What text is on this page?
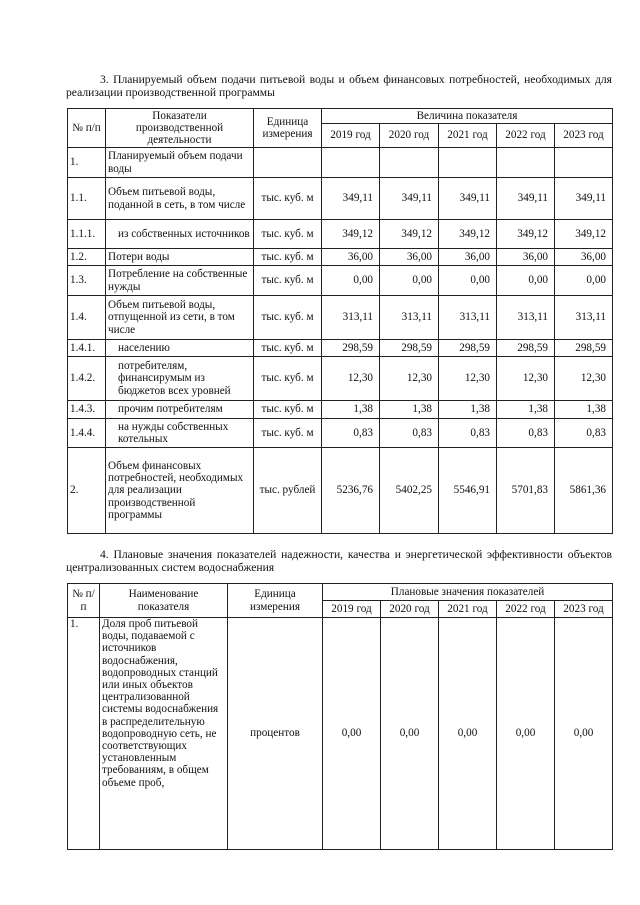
3. Планируемый объем подачи питьевой воды и объем финансовых потребностей, необходимых для реализации производственной программы
№ п/п	Показатели производственной деятельности	Единица измерения	Величина показателя				
			2019 год	2020 год	2021 год	2022 год	2023 год
1.	Планируемый объем подачи воды						
1.1.	Объем питьевой воды, поданной в сеть, в том числе	тыс. куб. м	349,11	349,11	349,11	349,11	349,11
1.1.1.	из собственных источников	тыс. куб. м	349,12	349,12	349,12	349,12	349,12
1.2.	Потери воды	тыс. куб. м	36,00	36,00	36,00	36,00	36,00
1.3.	Потребление на собственные нужды	тыс. куб. м	0,00	0,00	0,00	0,00	0,00
1.4.	Объем питьевой воды, отпущенной из сети, в том числе	тыс. куб. м	313,11	313,11	313,11	313,11	313,11
1.4.1.	населению	тыс. куб. м	298,59	298,59	298,59	298,59	298,59
1.4.2.	потребителям, финансирумым из бюджетов всех уровней	тыс. куб. м	12,30	12,30	12,30	12,30	12,30
1.4.3.	прочим потребителям	тыс. куб. м	1,38	1,38	1,38	1,38	1,38
1.4.4.	на нужды собственных котельных	тыс. куб. м	0,83	0,83	0,83	0,83	0,83
2.	Объем финансовых потребностей, необходимых для реализации производственной программы	тыс. рублей	5236,76	5402,25	5546,91	5701,83	5861,36
4. Плановые значения показателей надежности, качества и энергетической эффективности объектов централизованных систем водоснабжения
№ п/п	Наименование показателя	Единица измерения	Плановые значения показателей				
			2019 год	2020 год	2021 год	2022 год	2023 год
1.	Доля проб питьевой воды, подаваемой с источников водоснабжения, водопроводных станций или иных объектов централизованной системы водоснабжения в распределительную водопроводную сеть, не соответствующих установленным требованиям, в общем объеме проб,	процентов	0,00	0,00	0,00	0,00	0,00
